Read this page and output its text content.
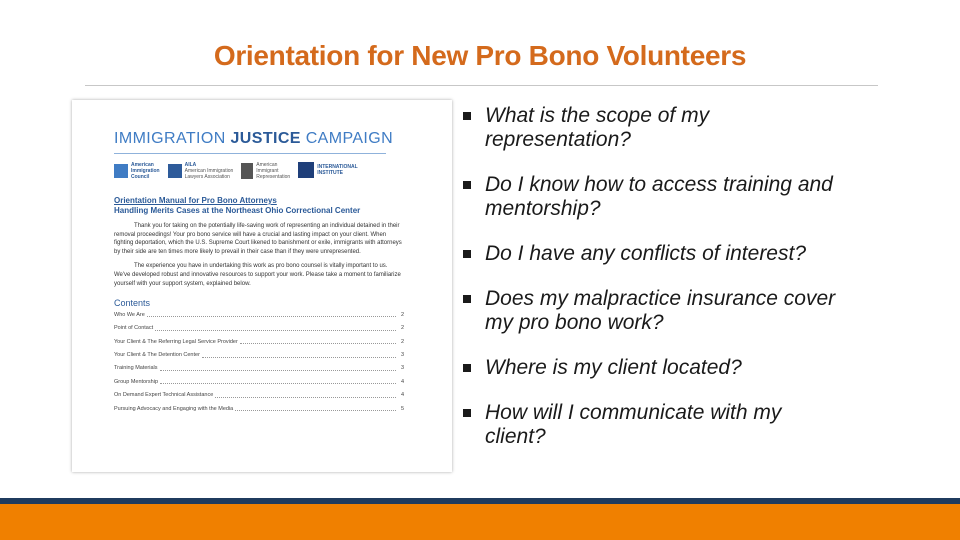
Orientation for New Pro Bono Volunteers
IMMIGRATION JUSTICE CAMPAIGN
American
Immigration
Council
AILA
American Immigration
Lawyers Association
American
Immigrant
Representation
INTERNATIONAL
INSTITUTE
Orientation Manual for Pro Bono Attorneys
Handling Merits Cases at the Northeast Ohio Correctional Center
Thank you for taking on the potentially life-saving work of representing an individual detained in their removal proceedings! Your pro bono service will have a crucial and lasting impact on your client. When fighting deportation, which the U.S. Supreme Court likened to banishment or exile, immigrants with attorneys by their side are ten times more likely to prevail in their case than if they were unrepresented.
The experience you have in undertaking this work as pro bono counsel is vitally important to us. We've developed robust and innovative resources to support your work. Please take a moment to familiarize yourself with your support system, explained below.
Contents
Who We Are	2
Point of Contact	2
Your Client & The Referring Legal Service Provider	2
Your Client & The Detention Center	3
Training Materials	3
Group Mentorship	4
On Demand Expert Technical Assistance	4
Pursuing Advocacy and Engaging with the Media	5
What is the scope of my
representation?
Do I know how to access training and
mentorship?
Do I have any conflicts of interest?
Does my malpractice insurance cover
my pro bono work?
Where is my client located?
How will I communicate with my
client?
